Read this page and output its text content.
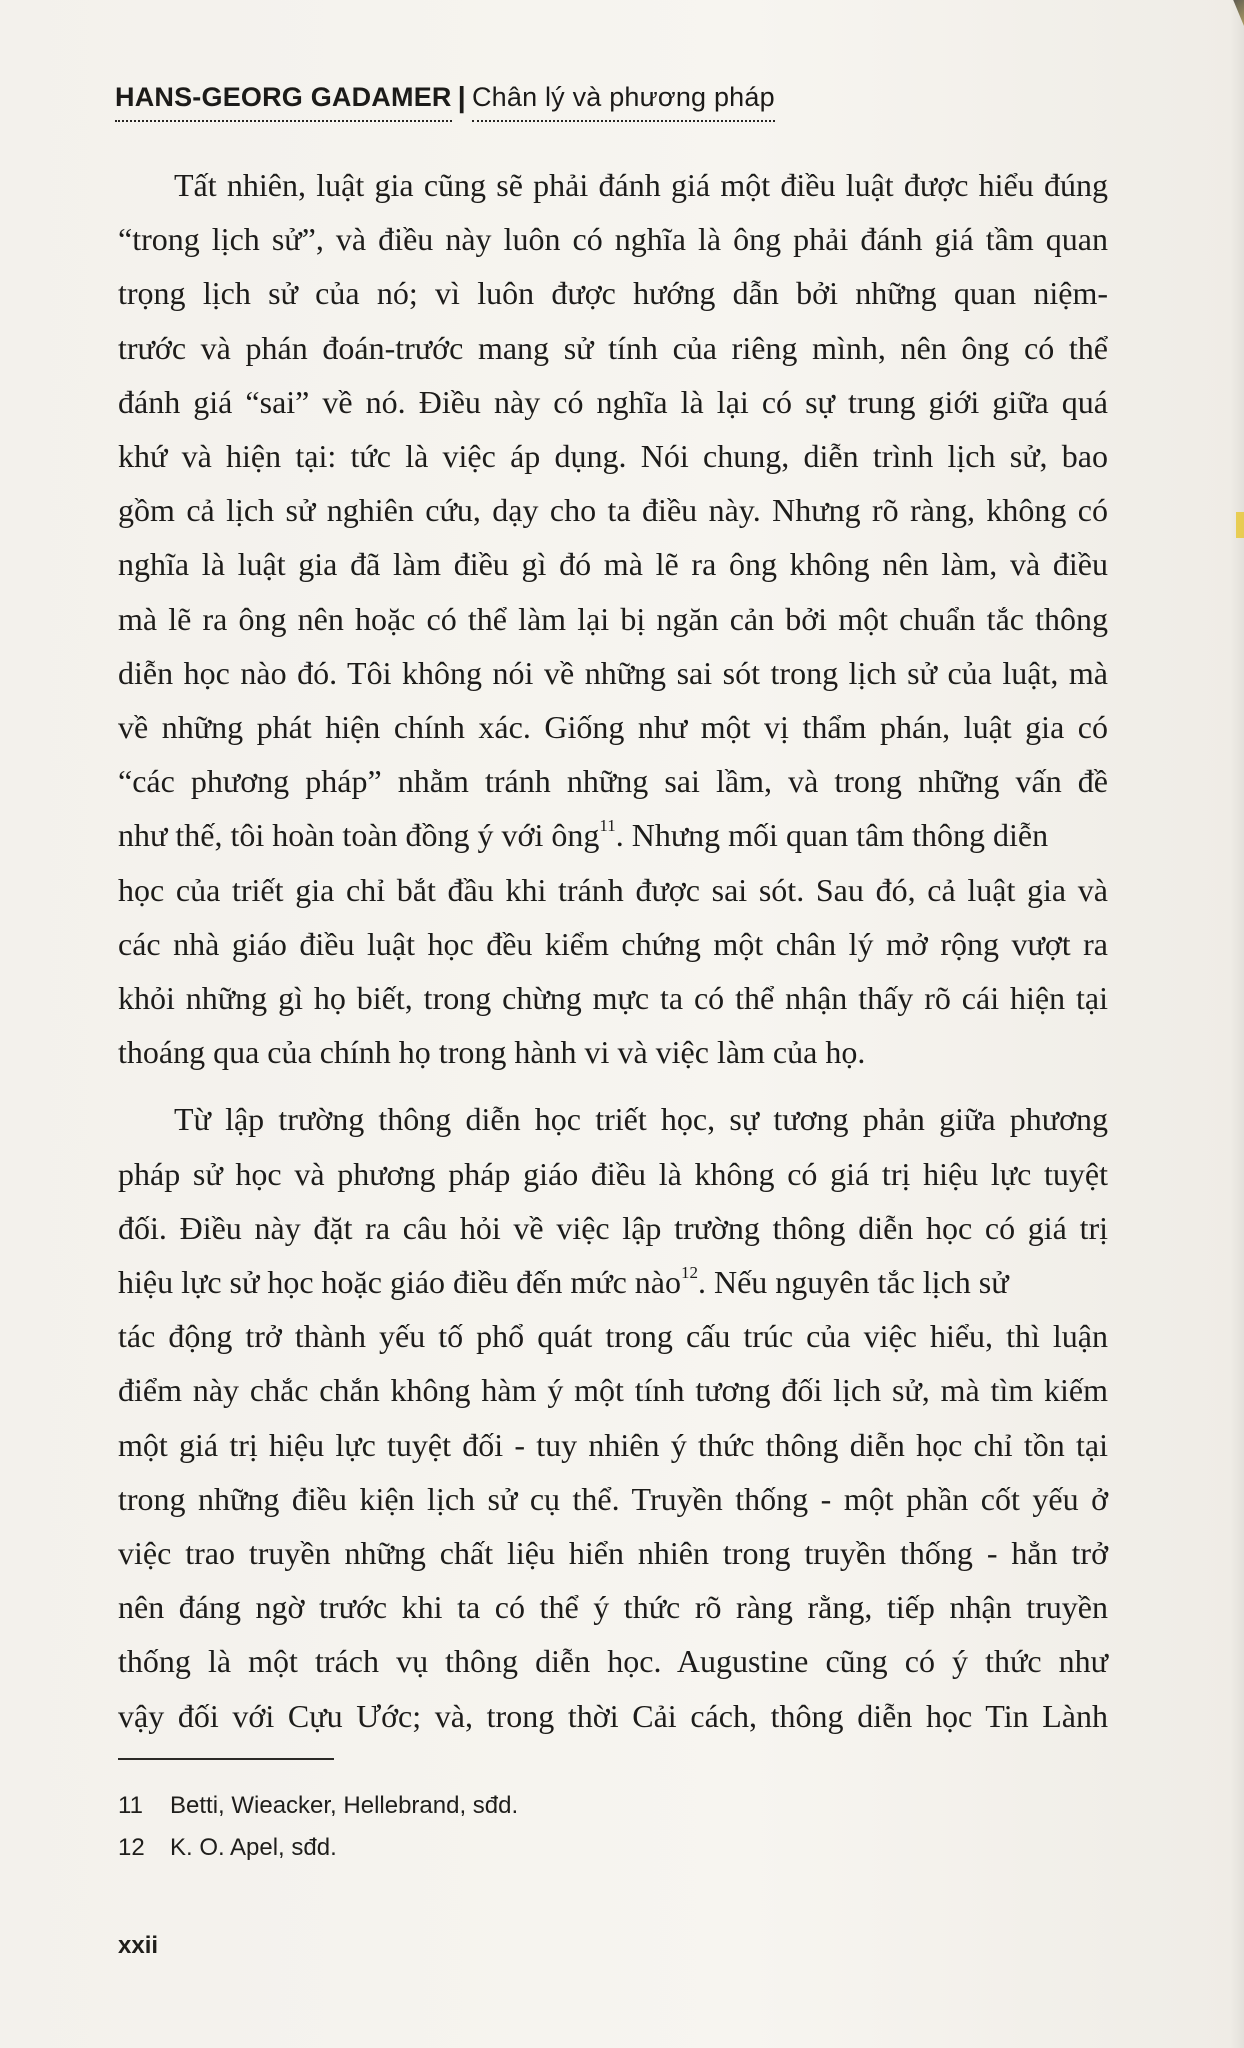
HANS-GEORG GADAMER | Chân lý và phương pháp
Tất nhiên, luật gia cũng sẽ phải đánh giá một điều luật được hiểu đúng
“trong lịch sử”, và điều này luôn có nghĩa là ông phải đánh giá tầm quan
trọng lịch sử của nó; vì luôn được hướng dẫn bởi những quan niệm-
trước và phán đoán-trước mang sử tính của riêng mình, nên ông có thể
đánh giá “sai” về nó. Điều này có nghĩa là lại có sự trung giới giữa quá
khứ và hiện tại: tức là việc áp dụng. Nói chung, diễn trình lịch sử, bao
gồm cả lịch sử nghiên cứu, dạy cho ta điều này. Nhưng rõ ràng, không có
nghĩa là luật gia đã làm điều gì đó mà lẽ ra ông không nên làm, và điều
mà lẽ ra ông nên hoặc có thể làm lại bị ngăn cản bởi một chuẩn tắc thông
diễn học nào đó. Tôi không nói về những sai sót trong lịch sử của luật, mà
về những phát hiện chính xác. Giống như một vị thẩm phán, luật gia có
“các phương pháp” nhằm tránh những sai lầm, và trong những vấn đề
như thế, tôi hoàn toàn đồng ý với ông$^{11}$. Nhưng mối quan tâm thông diễn
học của triết gia chỉ bắt đầu khi tránh được sai sót. Sau đó, cả luật gia và
các nhà giáo điều luật học đều kiểm chứng một chân lý mở rộng vượt ra
khỏi những gì họ biết, trong chừng mực ta có thể nhận thấy rõ cái hiện tại
thoáng qua của chính họ trong hành vi và việc làm của họ.
Từ lập trường thông diễn học triết học, sự tương phản giữa phương
pháp sử học và phương pháp giáo điều là không có giá trị hiệu lực tuyệt
đối. Điều này đặt ra câu hỏi về việc lập trường thông diễn học có giá trị
hiệu lực sử học hoặc giáo điều đến mức nào$^{12}$. Nếu nguyên tắc lịch sử
tác động trở thành yếu tố phổ quát trong cấu trúc của việc hiểu, thì luận
điểm này chắc chắn không hàm ý một tính tương đối lịch sử, mà tìm kiếm
một giá trị hiệu lực tuyệt đối - tuy nhiên ý thức thông diễn học chỉ tồn tại
trong những điều kiện lịch sử cụ thể. Truyền thống - một phần cốt yếu ở
việc trao truyền những chất liệu hiển nhiên trong truyền thống - hẳn trở
nên đáng ngờ trước khi ta có thể ý thức rõ ràng rằng, tiếp nhận truyền
thống là một trách vụ thông diễn học. Augustine cũng có ý thức như
vậy đối với Cựu Ước; và, trong thời Cải cách, thông diễn học Tin Lành
11	Betti, Wieacker, Hellebrand, sđd.
12	K. O. Apel, sđd.
xxii
